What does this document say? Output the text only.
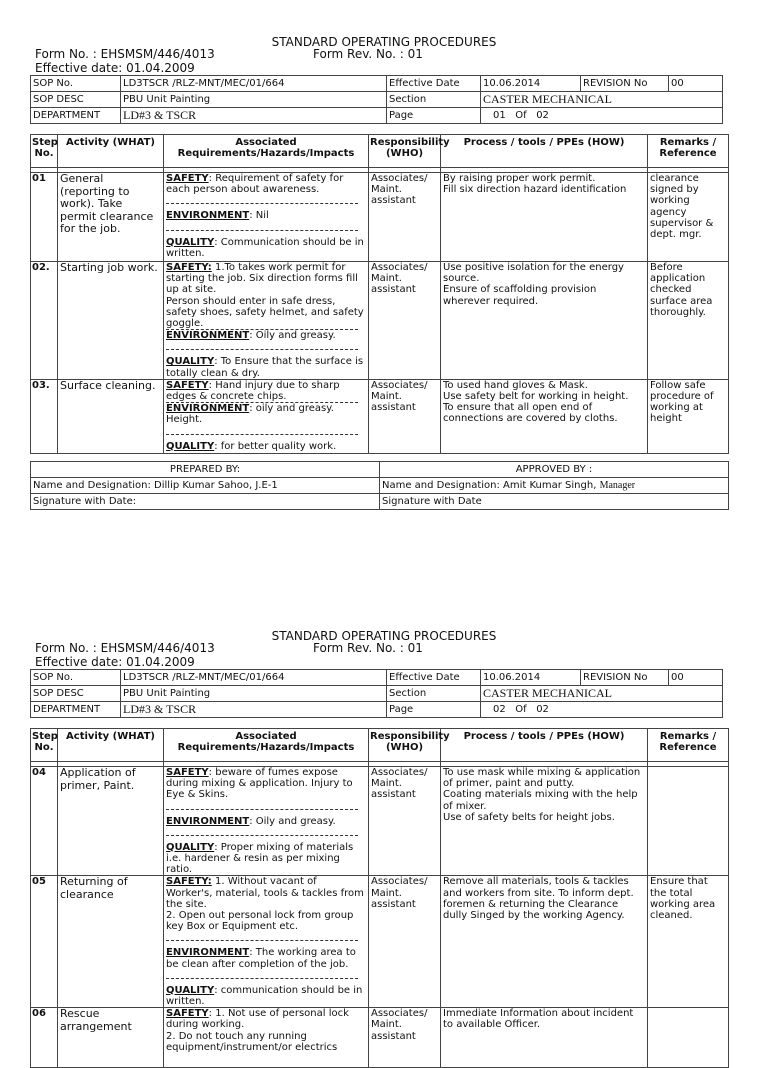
STANDARD OPERATING PROCEDURES
Form No. : EHSMSM/446/4013	Form Rev. No. : 01
Effective date: 01.04.2009
SOP No.	LD3TSCR /RLZ-MNT/MEC/01/664	Effective Date	10.06.2014	REVISION No	00
SOP DESC	PBU Unit Painting	Section	CASTER MECHANICAL		
DEPARTMENT	LD#3 & TSCR	Page	01   Of   02		
Step No.	Activity (WHAT)	Associated Requirements/Hazards/Impacts	Responsibility (WHO)	Process / tools / PPEs (HOW)	Remarks / Reference

01	General (reporting to work). Take permit clearance for the job.	SAFETY: Requirement of safety for each person about awareness.
ENVIRONMENT: Nil
QUALITY: Communication should be in written.	Associates/ Maint. assistant	By raising proper work permit.
Fill six direction hazard identification	clearance signed by working agency supervisor & dept. mgr.
02.	Starting job work.	SAFETY: 1.To takes work permit for starting the job. Six direction forms fill up at site.
Person should enter in safe dress, safety shoes, safety helmet, and safety goggle.
ENVIRONMENT: Oily and greasy.
QUALITY: To Ensure that the surface is totally clean & dry.	Associates/ Maint. assistant	Use positive isolation for the energy source.
Ensure of scaffolding provision wherever required.	Before application checked surface area thoroughly.
03.	Surface cleaning.	SAFETY: Hand injury due to sharp edges & concrete chips.
ENVIRONMENT: oily and greasy. Height.
QUALITY: for better quality work.	Associates/ Maint. assistant	To used hand gloves & Mask.
Use safety belt for working in height.
To ensure that all open end of connections are covered by cloths.	Follow safe procedure of working at height
PREPARED BY:	APPROVED BY :
Name and Designation: Dillip Kumar Sahoo, J.E-1	Name and Designation: Amit Kumar Singh, Manager
Signature with Date:	Signature with Date
STANDARD OPERATING PROCEDURES
Form No. : EHSMSM/446/4013	Form Rev. No. : 01
Effective date: 01.04.2009
SOP No.	LD3TSCR /RLZ-MNT/MEC/01/664	Effective Date	10.06.2014	REVISION No	00
SOP DESC	PBU Unit Painting	Section	CASTER MECHANICAL		
DEPARTMENT	LD#3 & TSCR	Page	02   Of   02		
Step No.	Activity (WHAT)	Associated Requirements/Hazards/Impacts	Responsibility (WHO)	Process / tools / PPEs (HOW)	Remarks / Reference

04	Application of primer, Paint.	SAFETY: beware of fumes expose during mixing & application. Injury to Eye & Skins.
ENVIRONMENT: Oily and greasy.
QUALITY: Proper mixing of materials i.e. hardener & resin as per mixing ratio.	Associates/ Maint. assistant	To use mask while mixing & application of primer, paint and putty.
Coating materials mixing with the help of mixer.
Use of safety belts for height jobs.	
05	Returning of clearance	SAFETY: 1. Without vacant of Worker's, material, tools & tackles from the site.
2. Open out personal lock from group key Box or Equipment etc.
ENVIRONMENT: The working area to be clean after completion of the job.
QUALITY: communication should be in written.	Associates/ Maint. assistant	Remove all materials, tools & tackles and workers from site. To inform dept. foremen & returning the Clearance dully Singed by the working Agency.	Ensure that the total working area cleaned.
06	Rescue arrangement	SAFETY: 1. Not use of personal lock during working.
2. Do not touch any running equipment/instrument/or electrics	Associates/ Maint. assistant	Immediate Information about incident to available Officer.	
